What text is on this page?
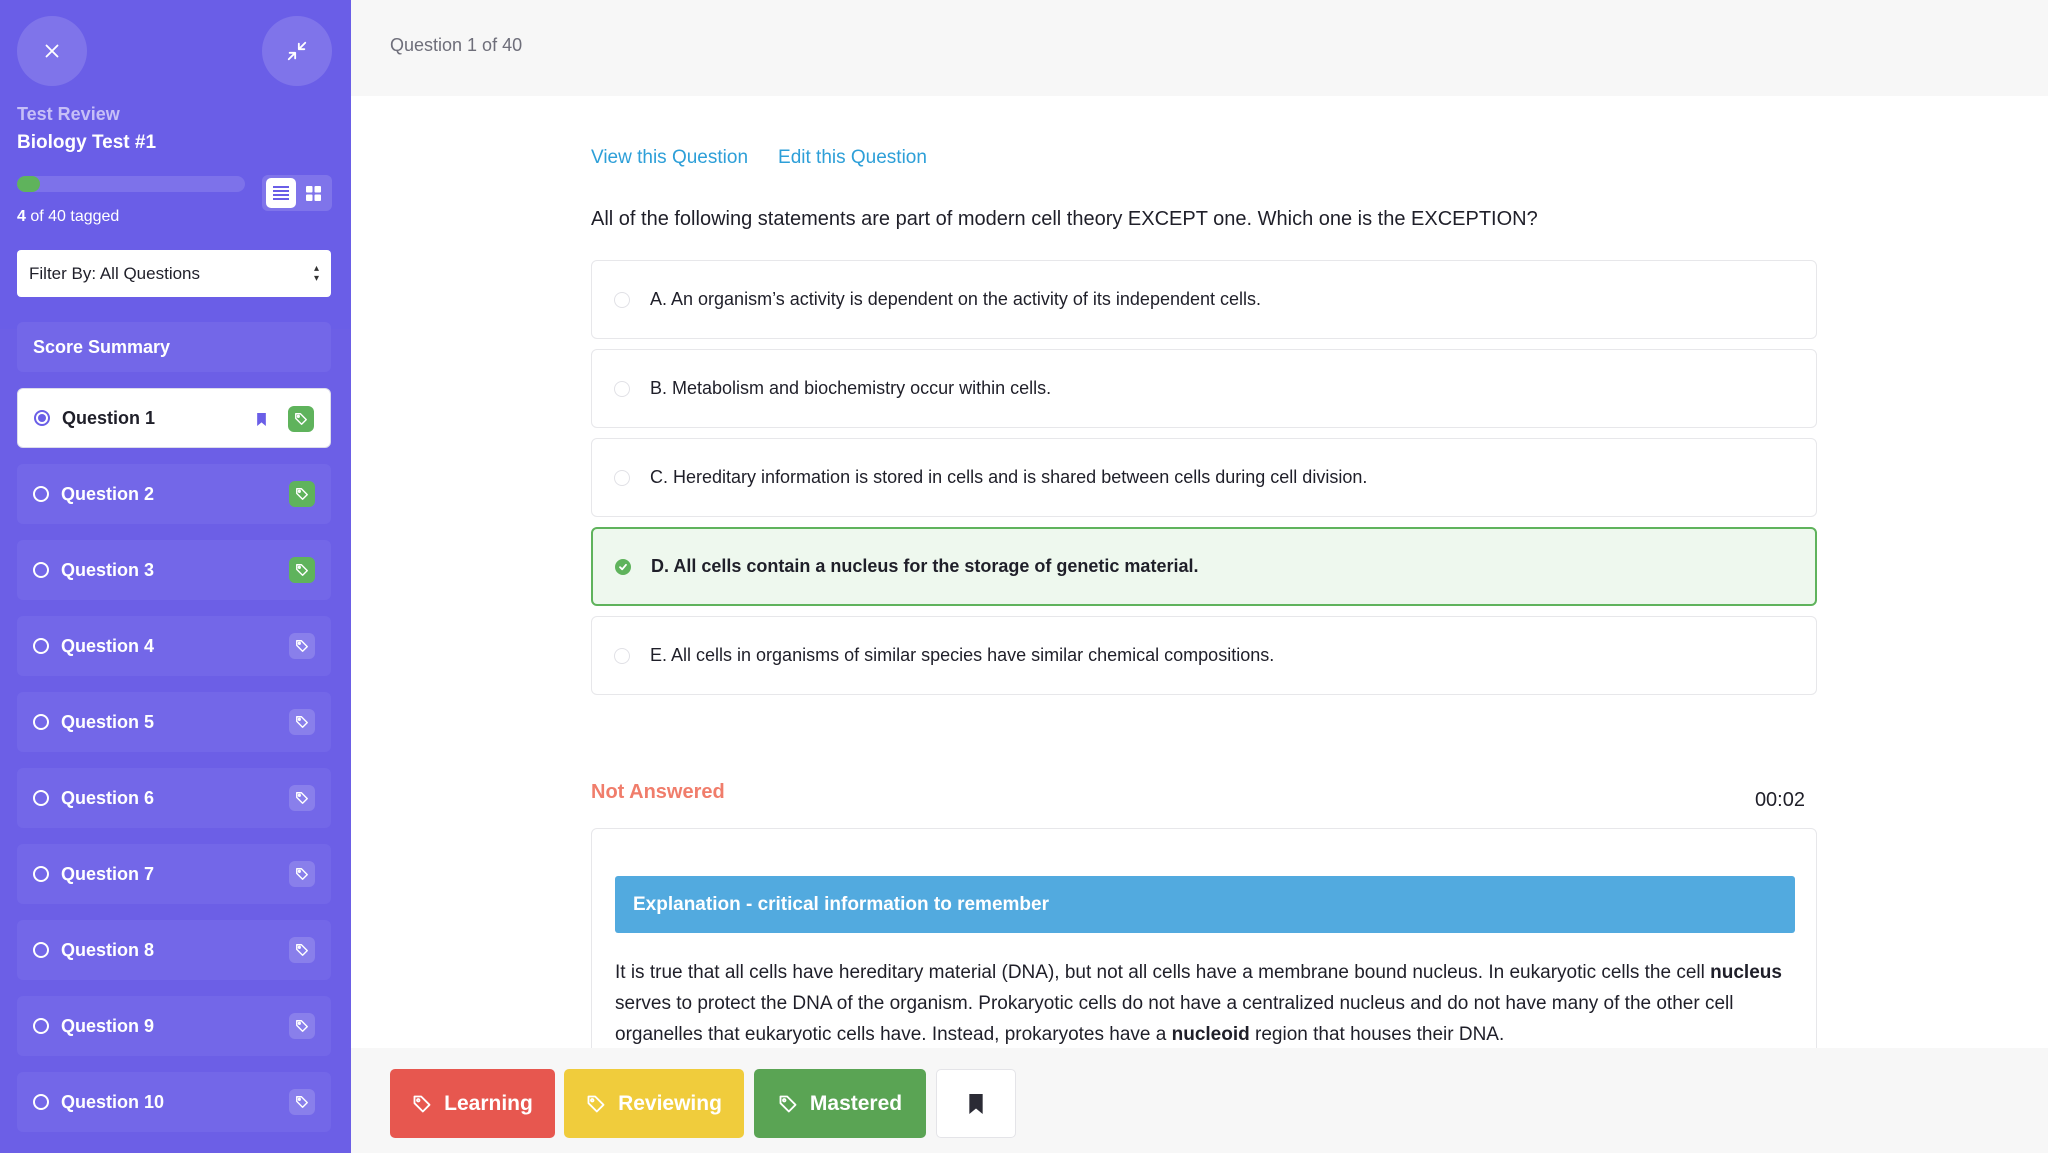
Test Review
Biology Test #1
4 of 40 tagged
Filter By: All Questions	▴
▾
Score Summary
Question 1
Question 2
Question 3
Question 4
Question 5
Question 6
Question 7
Question 8
Question 9
Question 10
Question 1 of 40
View this Question Edit this Question
All of the following statements are part of modern cell theory EXCEPT one. Which one is the EXCEPTION?
A. An organism’s activity is dependent on the activity of its independent cells.
B. Metabolism and biochemistry occur within cells.
C. Hereditary information is stored in cells and is shared between cells during cell division.
D. All cells contain a nucleus for the storage of genetic material.
E. All cells in organisms of similar species have similar chemical compositions.
Not Answered	00:02
Explanation - critical information to remember
It is true that all cells have hereditary material (DNA), but not all cells have a membrane bound nucleus. In eukaryotic cells the cell nucleus serves to protect the DNA of the organism. Prokaryotic cells do not have a centralized nucleus and do not have many of the other cell organelles that eukaryotic cells have. Instead, prokaryotes have a nucleoid region that houses their DNA.
Learning	Reviewing	Mastered
